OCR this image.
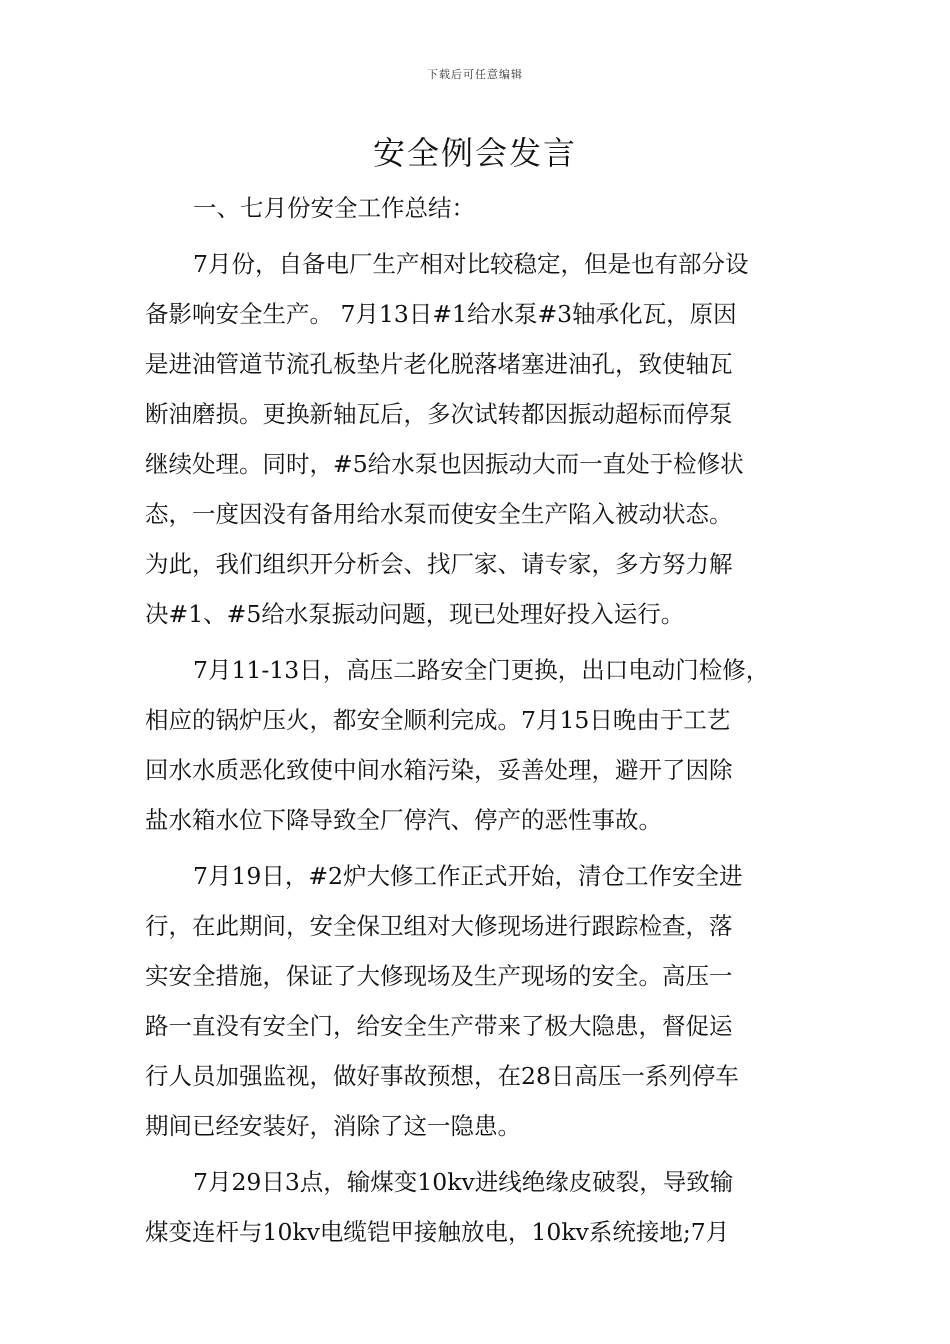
下载后可任意编辑
安全例会发言
一、七月份安全工作总结：
7月份，自备电厂生产相对比较稳定，但是也有部分设
备影响安全生产。 7月13日#1给水泵#3轴承化瓦，原因
是进油管道节流孔板垫片老化脱落堵塞进油孔，致使轴瓦
断油磨损。更换新轴瓦后，多次试转都因振动超标而停泵
继续处理。同时，#5给水泵也因振动大而一直处于检修状
态，一度因没有备用给水泵而使安全生产陷入被动状态。
为此，我们组织开分析会、找厂家、请专家，多方努力解
决#1、#5给水泵振动问题，现已处理好投入运行。
7月11-13日，高压二路安全门更换，出口电动门检修，
相应的锅炉压火，都安全顺利完成。7月15日晚由于工艺
回水水质恶化致使中间水箱污染，妥善处理，避开了因除
盐水箱水位下降导致全厂停汽、停产的恶性事故。
7月19日，#2炉大修工作正式开始，清仓工作安全进
行，在此期间，安全保卫组对大修现场进行跟踪检查，落
实安全措施，保证了大修现场及生产现场的安全。高压一
路一直没有安全门，给安全生产带来了极大隐患，督促运
行人员加强监视，做好事故预想，在28日高压一系列停车
期间已经安装好，消除了这一隐患。
7月29日3点，输煤变10kv进线绝缘皮破裂，导致输
煤变连杆与10kv电缆铠甲接触放电，10kv系统接地;7月
